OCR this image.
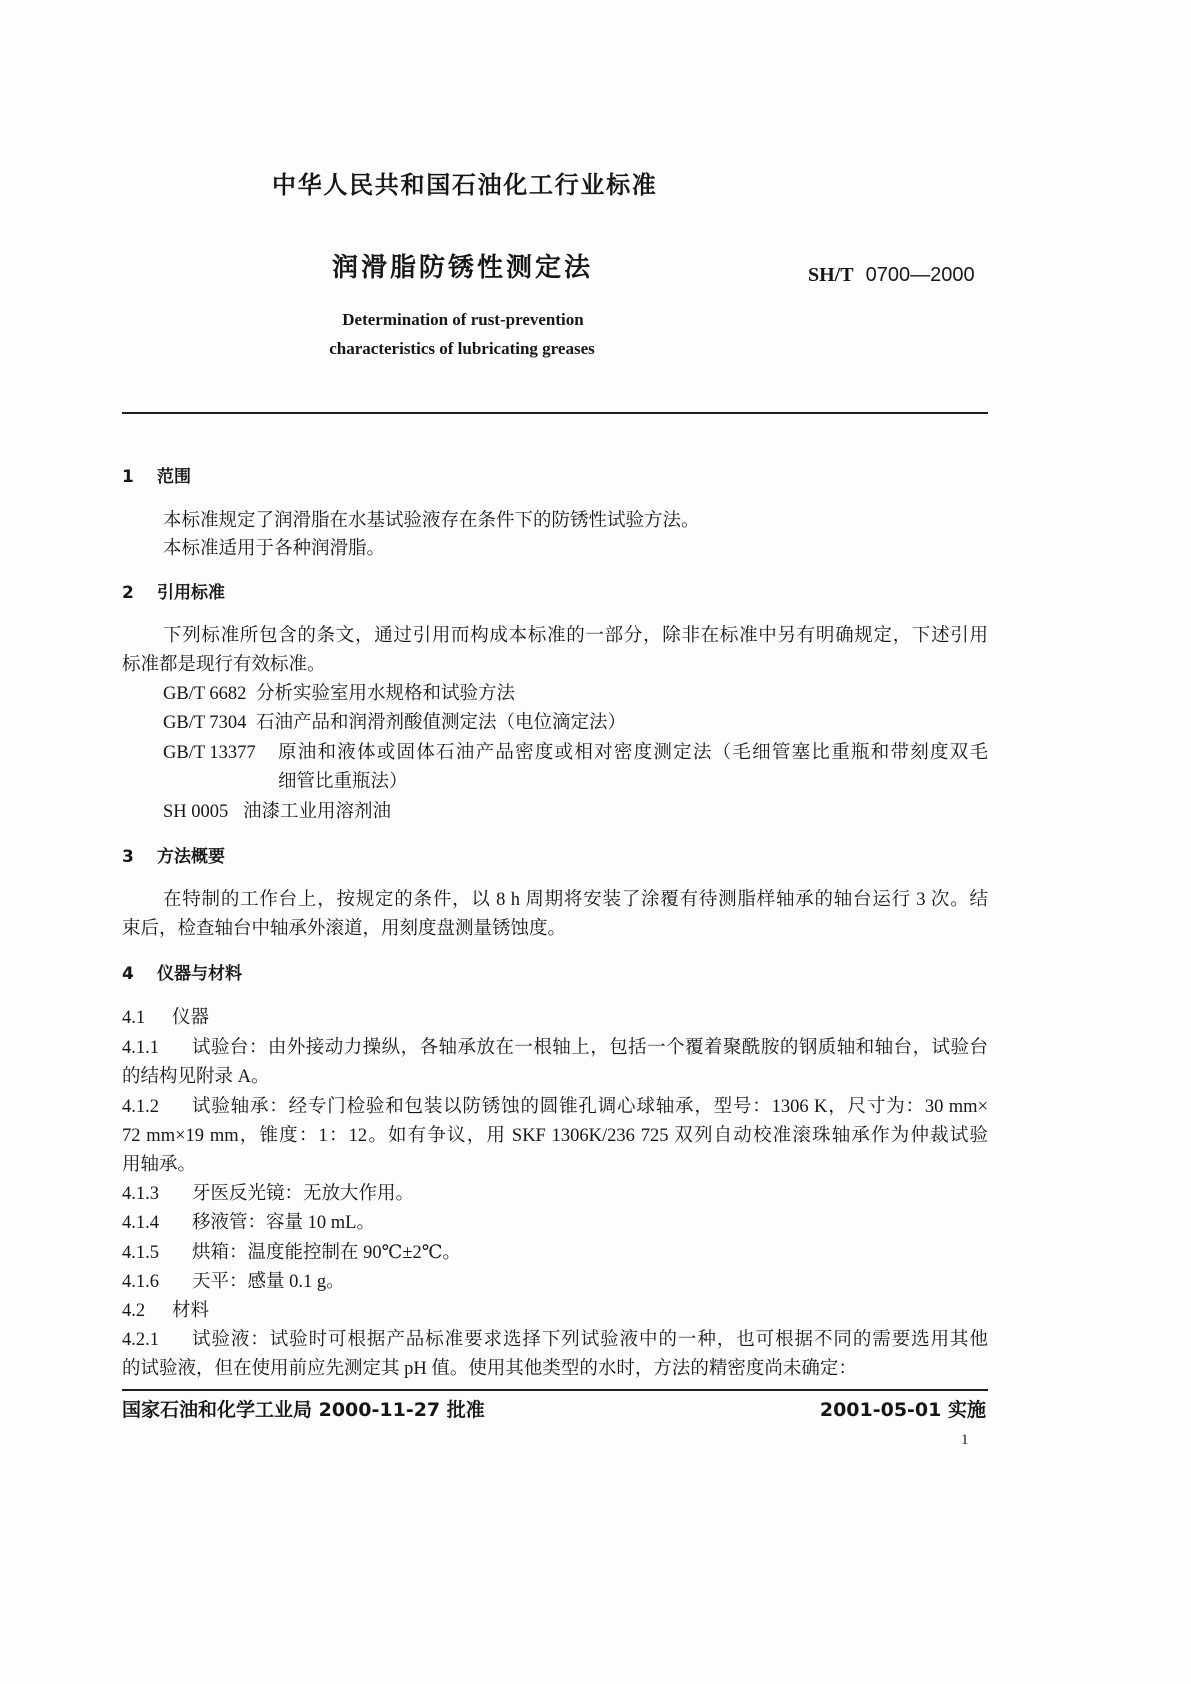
中华人民共和国石油化工行业标准
润滑脂防锈性测定法	SH/T 0700—2000
Determination of rust-prevention
characteristics of lubricating greases
1 范围
本标准规定了润滑脂在水基试验液存在条件下的防锈性试验方法。
本标准适用于各种润滑脂。
2 引用标准
下列标准所包含的条文，通过引用而构成本标准的一部分，除非在标准中另有明确规定，下述引用
标准都是现行有效标准。
GB/T 6682 分析实验室用水规格和试验方法
GB/T 7304 石油产品和润滑剂酸值测定法（电位滴定法）
GB/T 13377 原油和液体或固体石油产品密度或相对密度测定法（毛细管塞比重瓶和带刻度双毛
细管比重瓶法）
SH 0005 油漆工业用溶剂油
3 方法概要
在特制的工作台上，按规定的条件，以 8 h 周期将安装了涂覆有待测脂样轴承的轴台运行 3 次。结
束后，检查轴台中轴承外滚道，用刻度盘测量锈蚀度。
4 仪器与材料
4.1 仪器
4.1.1 试验台：由外接动力操纵，各轴承放在一根轴上，包括一个覆着聚酰胺的钢质轴和轴台，试验台
的结构见附录 A。
4.1.2 试验轴承：经专门检验和包装以防锈蚀的圆锥孔调心球轴承，型号：1306 K，尺寸为：30 mm×
72 mm×19 mm，锥度：1：12。如有争议，用 SKF 1306K/236 725 双列自动校准滚珠轴承作为仲裁试验
用轴承。
4.1.3 牙医反光镜：无放大作用。
4.1.4 移液管：容量 10 mL。
4.1.5 烘箱：温度能控制在 90℃±2℃。
4.1.6 天平：感量 0.1 g。
4.2 材料
4.2.1 试验液：试验时可根据产品标准要求选择下列试验液中的一种，也可根据不同的需要选用其他
的试验液，但在使用前应先测定其 pH 值。使用其他类型的水时，方法的精密度尚未确定：
国家石油和化学工业局 2000-11-27 批准	2001-05-01 实施
1
